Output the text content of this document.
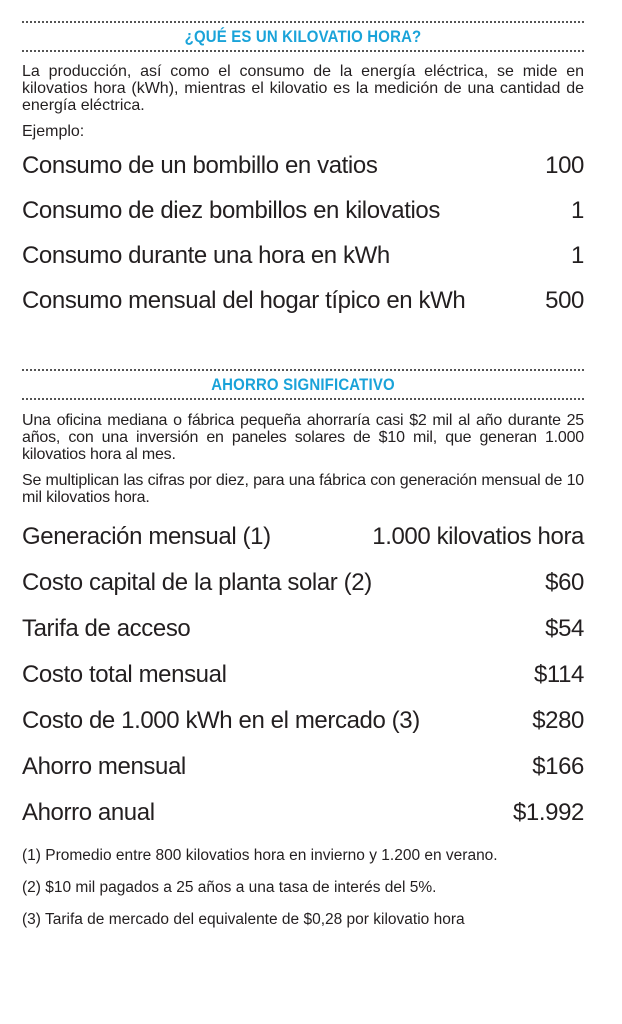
¿QUÉ ES UN KILOVATIO HORA?

La producción, así como el consumo de la energía eléctrica, se mide en kilovatios hora (kWh), mientras el kilovatio es la medición de una cantidad de energía eléctrica.

Ejemplo:

Consumo de un bombillo en vatios	100
Consumo de diez bombillos en kilovatios	1
Consumo durante una hora en kWh	1
Consumo mensual del hogar típico en kWh	500
AHORRO SIGNIFICATIVO

Una oficina mediana o fábrica pequeña ahorraría casi $2 mil al año durante 25 años, con una inversión en paneles solares de $10 mil, que generan 1.000 kilovatios hora al mes.

Se multiplican las cifras por diez, para una fábrica con generación mensual de 10 mil kilovatios hora.

Generación mensual (1)	1.000 kilovatios hora
Costo capital de la planta solar (2)	$60
Tarifa de acceso	$54
Costo total mensual	$114
Costo de 1.000 kWh en el mercado (3)	$280
Ahorro mensual	$166
Ahorro anual	$1.992
(1) Promedio entre 800 kilovatios hora en invierno y 1.200 en verano.
(2) $10 mil pagados a 25 años a una tasa de interés del 5%.
(3) Tarifa de mercado del equivalente de $0,28 por kilovatio hora
